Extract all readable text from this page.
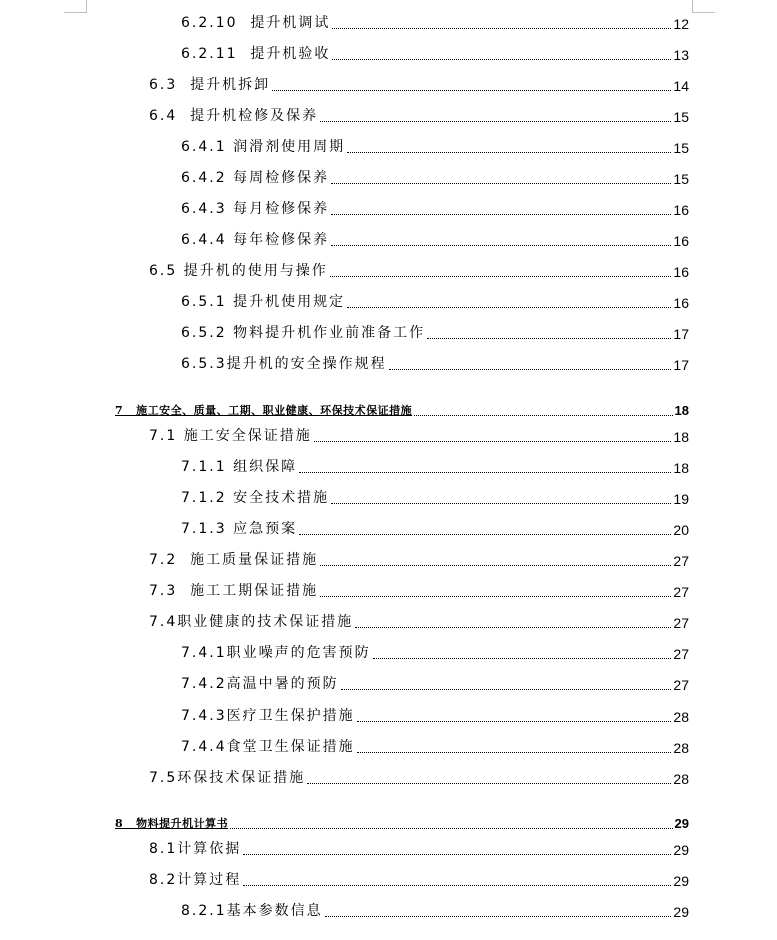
6.2.10  提升机调试	12
6.2.11  提升机验收	13
6.3  提升机拆卸	14
6.4  提升机检修及保养	15
6.4.1 润滑剂使用周期	15
6.4.2 每周检修保养	15
6.4.3 每月检修保养	16
6.4.4 每年检修保养	16
6.5 提升机的使用与操作	16
6.5.1 提升机使用规定	16
6.5.2 物料提升机作业前准备工作	17
6.5.3提升机的安全操作规程	17
7   施工安全、质量、工期、职业健康、环保技术保证措施	18
7.1 施工安全保证措施	18
7.1.1 组织保障	18
7.1.2 安全技术措施	19
7.1.3 应急预案	20
7.2  施工质量保证措施	27
7.3  施工工期保证措施	27
7.4职业健康的技术保证措施	27
7.4.1职业噪声的危害预防	27
7.4.2高温中暑的预防	27
7.4.3医疗卫生保护措施	28
7.4.4食堂卫生保证措施	28
7.5环保技术保证措施	28
8   物料提升机计算书	29
8.1计算依据	29
8.2计算过程	29
8.2.1基本参数信息	29
